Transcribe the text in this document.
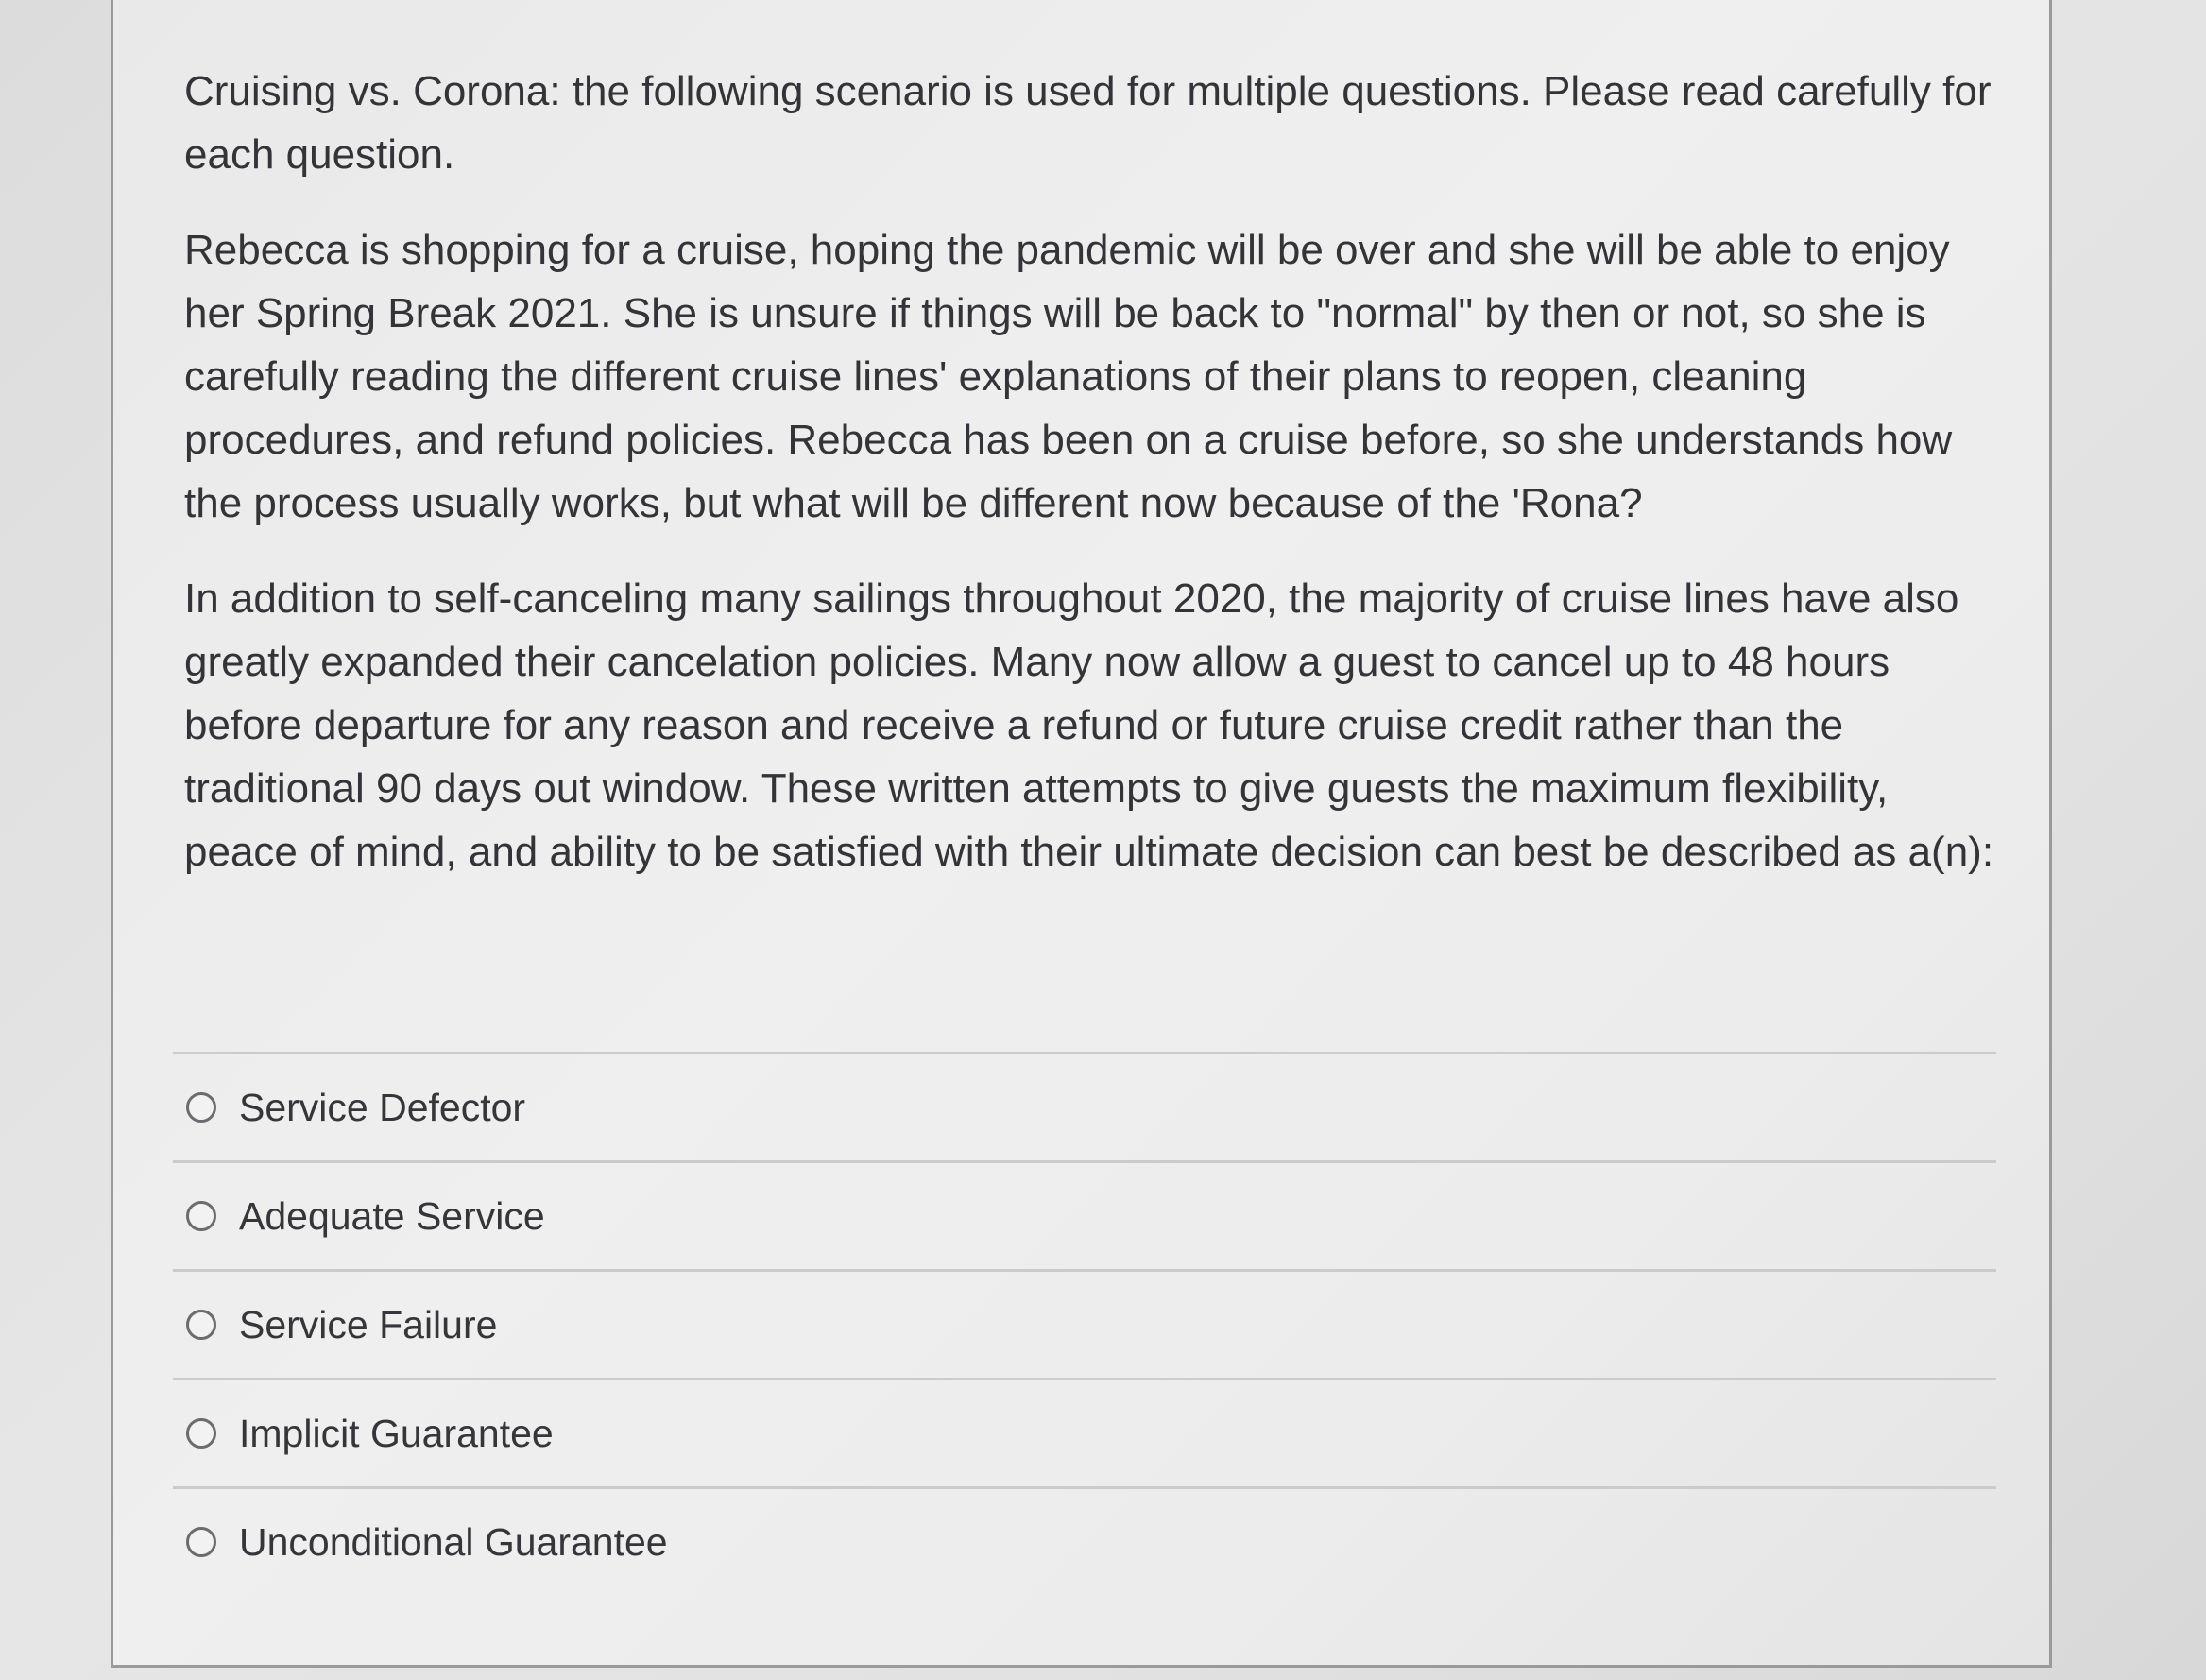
Cruising vs. Corona: the following scenario is used for multiple questions. Please read carefully for each question.

Rebecca is shopping for a cruise, hoping the pandemic will be over and she will be able to enjoy her Spring Break 2021. She is unsure if things will be back to "normal" by then or not, so she is carefully reading the different cruise lines' explanations of their plans to reopen, cleaning procedures, and refund policies. Rebecca has been on a cruise before, so she understands how the process usually works, but what will be different now because of the 'Rona?

In addition to self-canceling many sailings throughout 2020, the majority of cruise lines have also greatly expanded their cancelation policies. Many now allow a guest to cancel up to 48 hours before departure for any reason and receive a refund or future cruise credit rather than the traditional 90 days out window. These written attempts to give guests the maximum flexibility, peace of mind, and ability to be satisfied with their ultimate decision can best be described as a(n):

Service Defector
Adequate Service
Service Failure
Implicit Guarantee
Unconditional Guarantee
